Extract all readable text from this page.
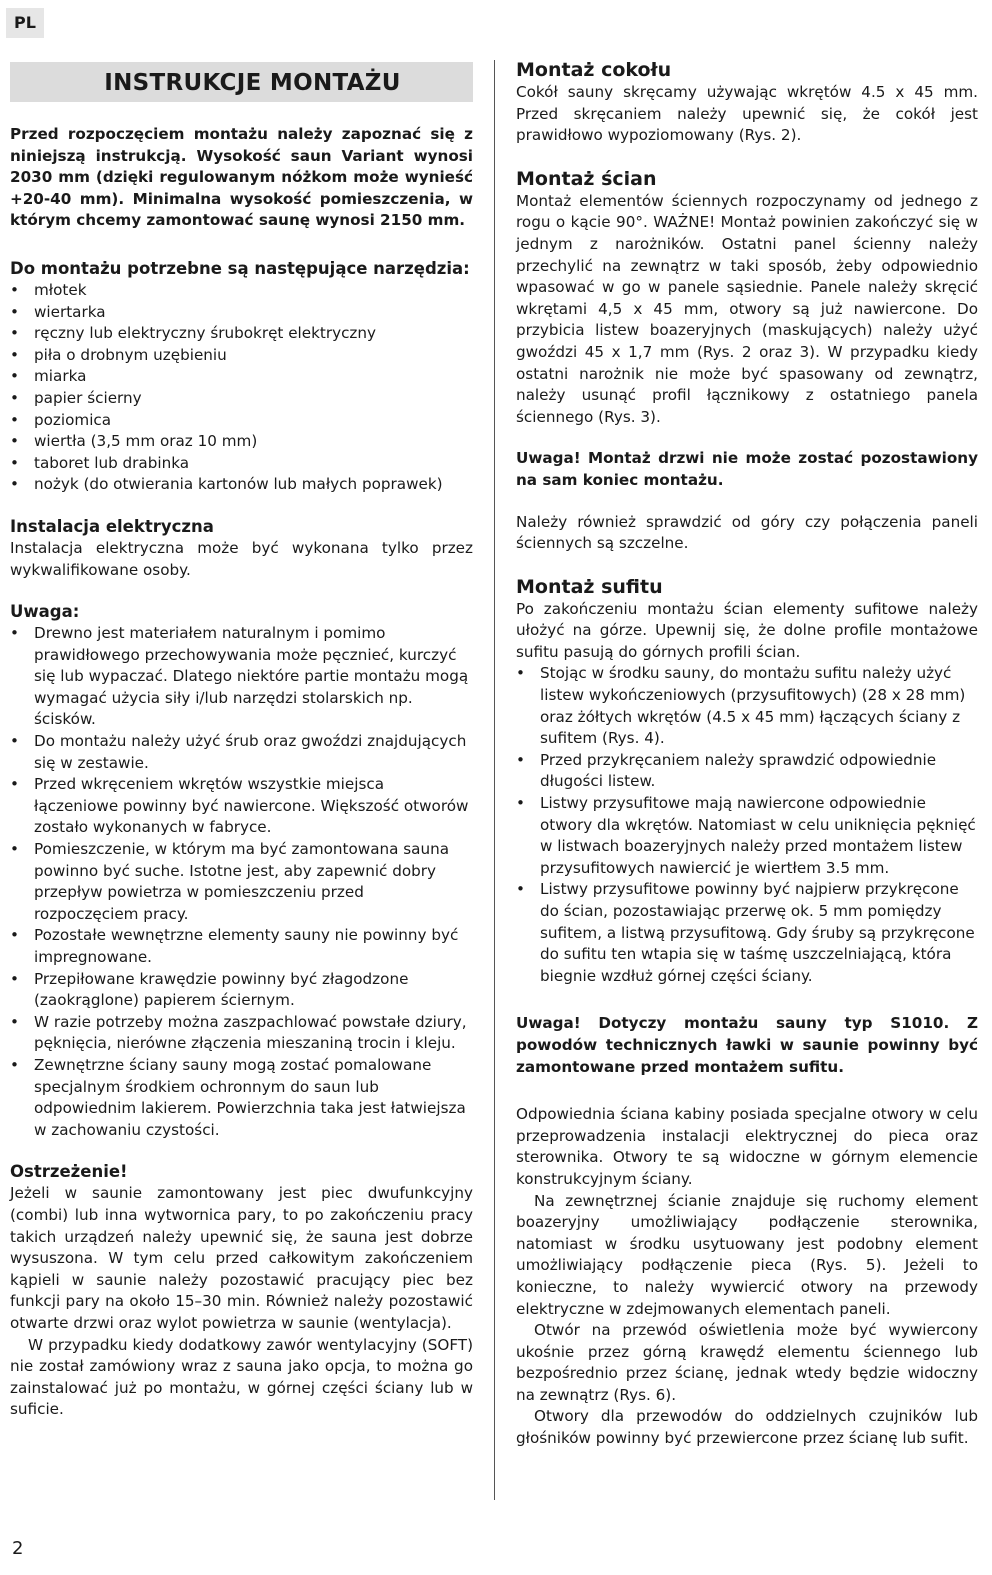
PL
INSTRUKCJE MONTAŻU

Przed rozpoczęciem montażu należy zapoznać się z niniejszą instrukcją. Wysokość saun Variant wynosi 2030 mm (dzięki regulowanym nóżkom może wynieść +20-40 mm). Minimalna wysokość pomieszczenia, w którym chcemy zamontować saunę wynosi 2150 mm.

Do montażu potrzebne są następujące narzędzia:
• młotek
• wiertarka
• ręczny lub elektryczny śrubokręt elektryczny
• piła o drobnym uzębieniu
• miarka
• papier ścierny
• poziomica
• wiertła (3,5 mm oraz 10 mm)
• taboret lub drabinka
• nożyk (do otwierania kartonów lub małych poprawek)
Instalacja elektryczna

Instalacja elektryczna może być wykonana tylko przez wykwalifikowane osoby.

Uwaga:
• Drewno jest materiałem naturalnym i pomimo prawidłowego przechowywania może pęcznieć, kurczyć się lub wypaczać. Dlatego niektóre partie montażu mogą wymagać użycia siły i/lub narzędzi stolarskich np. ścisków.
• Do montażu należy użyć śrub oraz gwoździ znajdujących się w zestawie.
• Przed wkręceniem wkrętów wszystkie miejsca łączeniowe powinny być nawiercone. Większość otworów zostało wykonanych w fabryce.
• Pomieszczenie, w którym ma być zamontowana sauna powinno być suche. Istotne jest, aby zapewnić dobry przepływ powietrza w pomieszczeniu przed rozpoczęciem pracy.
• Pozostałe wewnętrzne elementy sauny nie powinny być impregnowane.
• Przepiłowane krawędzie powinny być złagodzone (zaokrąglone) papierem ściernym.
• W razie potrzeby można zaszpachlować powstałe dziury, pęknięcia, nierówne złączenia mieszaniną trocin i kleju.
• Zewnętrzne ściany sauny mogą zostać pomalowane specjalnym środkiem ochronnym do saun lub odpowiednim lakierem. Powierzchnia taka jest łatwiejsza w zachowaniu czystości.
Ostrzeżenie!

Jeżeli w saunie zamontowany jest piec dwufunkcyjny (combi) lub inna wytwornica pary, to po zakończeniu pracy takich urządzeń należy upewnić się, że sauna jest dobrze wysuszona. W tym celu przed całkowitym zakończeniem kąpieli w saunie należy pozostawić pracujący piec bez funkcji pary na około 15–30 min. Również należy pozostawić otwarte drzwi oraz wylot powietrza w saunie (wentylacja).

W przypadku kiedy dodatkowy zawór wentylacyjny (SOFT) nie został zamówiony wraz z sauna jako opcja, to można go zainstalować już po montażu, w górnej części ściany lub w suficie.

Montaż cokołu

Cokół sauny skręcamy używając wkrętów 4.5 x 45 mm. Przed skręcaniem należy upewnić się, że cokół jest prawidłowo wypoziomowany (Rys. 2).

Montaż ścian

Montaż elementów ściennych rozpoczynamy od jednego z rogu o kącie 90°. WAŻNE! Montaż powinien zakończyć się w jednym z narożników. Ostatni panel ścienny należy przechylić na zewnątrz w taki sposób, żeby odpowiednio wpasować w go w panele sąsiednie. Panele należy skręcić wkrętami 4,5 x 45 mm, otwory są już nawiercone. Do przybicia listew boazeryjnych (maskujących) należy użyć gwoździ 45 x 1,7 mm (Rys. 2 oraz 3). W przypadku kiedy ostatni narożnik nie może być spasowany od zewnątrz, należy usunąć profil łącznikowy z ostatniego panela ściennego (Rys. 3).

Uwaga! Montaż drzwi nie może zostać pozostawiony na sam koniec montażu.

Należy również sprawdzić od góry czy połączenia paneli ściennych są szczelne.

Montaż sufitu

Po zakończeniu montażu ścian elementy sufitowe należy ułożyć na górze. Upewnij się, że dolne profile montażowe sufitu pasują do górnych profili ścian.

• Stojąc w środku sauny, do montażu sufitu należy użyć listew wykończeniowych (przysufitowych) (28 x 28 mm) oraz żółtych wkrętów (4.5 x 45 mm) łączących ściany z sufitem (Rys. 4).
• Przed przykręcaniem należy sprawdzić odpowiednie długości listew.
• Listwy przysufitowe mają nawiercone odpowiednie otwory dla wkrętów. Natomiast w celu uniknięcia pęknięć w listwach boazeryjnych należy przed montażem listew przysufitowych nawiercić je wiertłem 3.5 mm.
• Listwy przysufitowe powinny być najpierw przykręcone do ścian, pozostawiając przerwę ok. 5 mm pomiędzy sufitem, a listwą przysufitową. Gdy śruby są przykręcone do sufitu ten wtapia się w taśmę uszczelniającą, która biegnie wzdłuż górnej części ściany.

Uwaga! Dotyczy montażu sauny typ S1010. Z powodów technicznych ławki w saunie powinny być zamontowane przed montażem sufitu.

Odpowiednia ściana kabiny posiada specjalne otwory w celu przeprowadzenia instalacji elektrycznej do pieca oraz sterownika. Otwory te są widoczne w górnym elemencie konstrukcyjnym ściany.

Na zewnętrznej ścianie znajduje się ruchomy element boazeryjny umożliwiający podłączenie sterownika, natomiast w środku usytuowany jest podobny element umożliwiający podłączenie pieca (Rys. 5). Jeżeli to konieczne, to należy wywiercić otwory na przewody elektryczne w zdejmowanych elementach paneli.

Otwór na przewód oświetlenia może być wywiercony ukośnie przez górną krawędź elementu ściennego lub bezpośrednio przez ścianę, jednak wtedy będzie widoczny na zewnątrz (Rys. 6).

Otwory dla przewodów do oddzielnych czujników lub głośników powinny być przewiercone przez ścianę lub sufit.

2
